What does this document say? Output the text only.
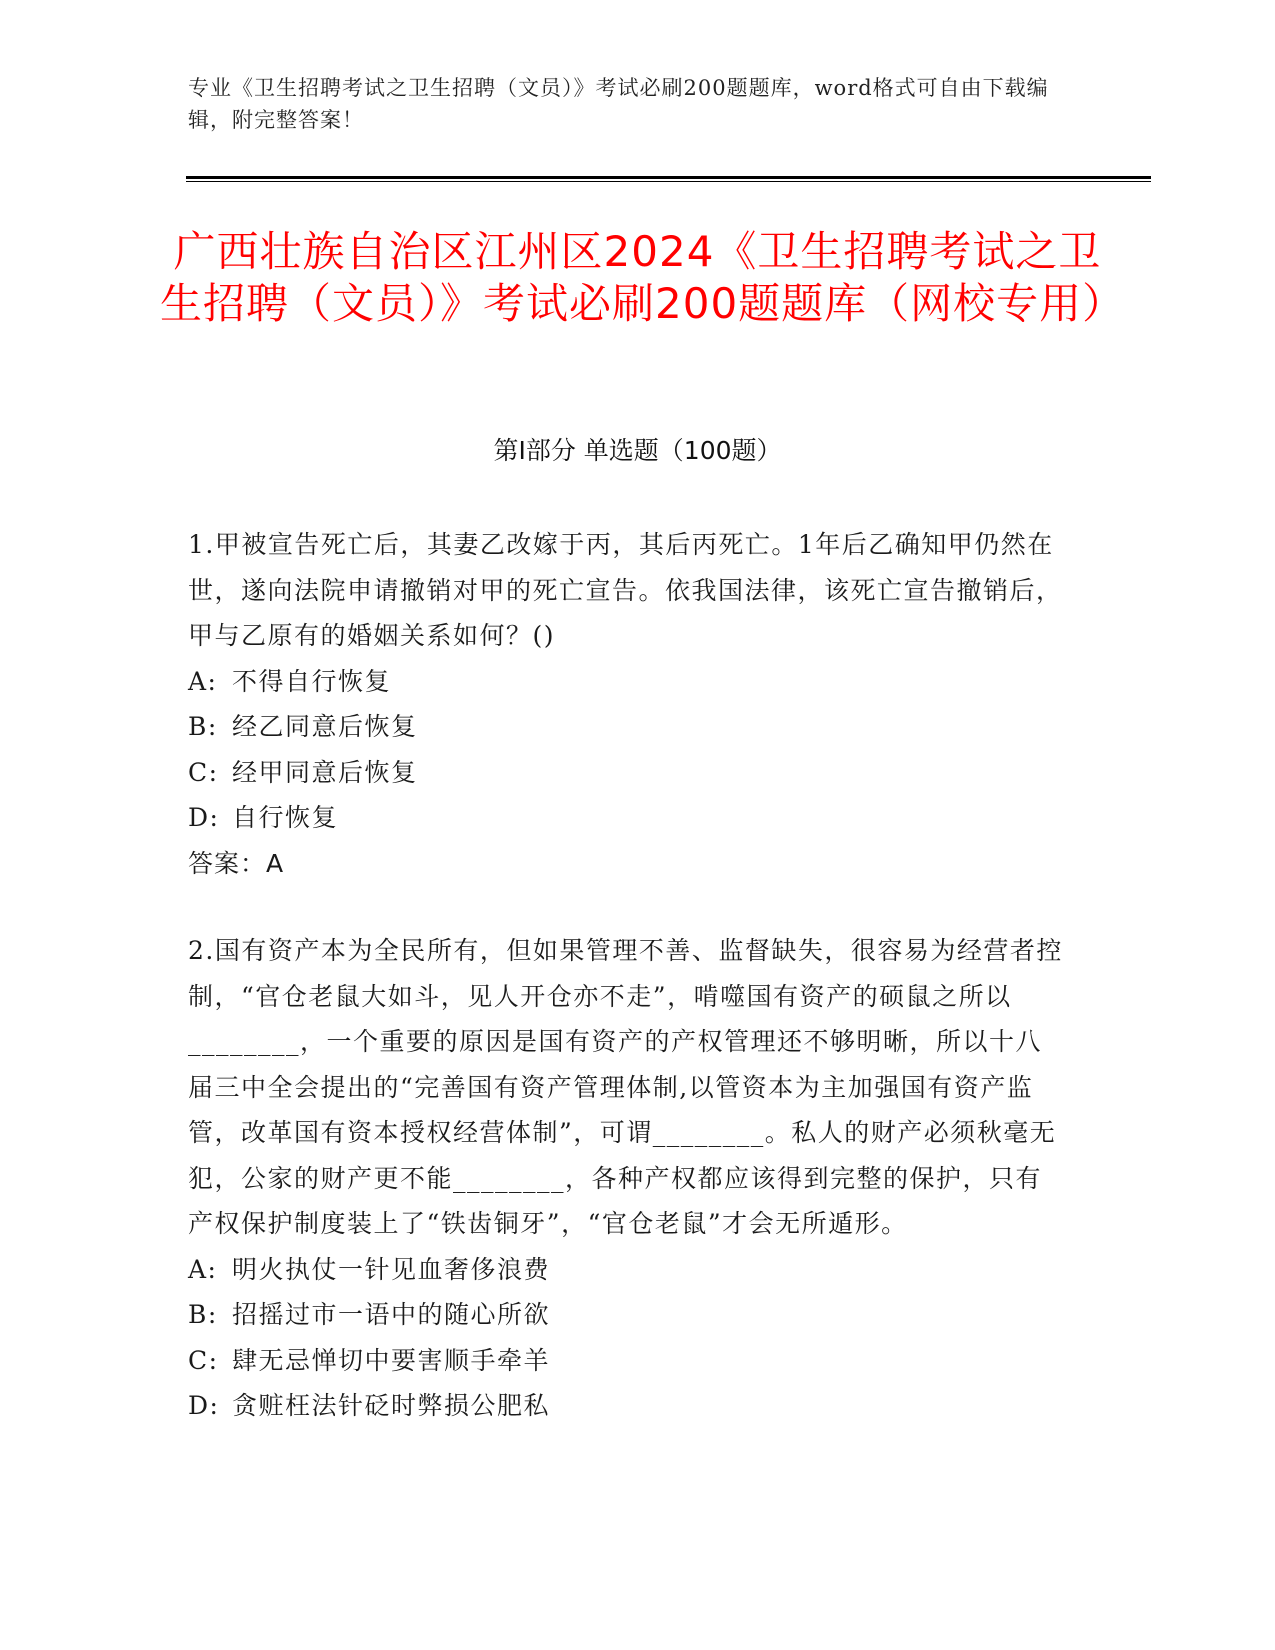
专业《卫生招聘考试之卫生招聘（文员）》考试必刷200题题库，word格式可自由下载编辑，附完整答案！
广西壮族自治区江州区2024《卫生招聘考试之卫生招聘（文员）》考试必刷200题题库（网校专用）
第Ⅰ部分 单选题（100题）
1.甲被宣告死亡后，其妻乙改嫁于丙，其后丙死亡。1年后乙确知甲仍然在世，遂向法院申请撤销对甲的死亡宣告。依我国法律，该死亡宣告撤销后，甲与乙原有的婚姻关系如何？()
A: 不得自行恢复
B: 经乙同意后恢复
C: 经甲同意后恢复
D: 自行恢复
答案：A
2.国有资产本为全民所有，但如果管理不善、监督缺失，很容易为经营者控制，“官仓老鼠大如斗，见人开仓亦不走”，啃噬国有资产的硕鼠之所以________，一个重要的原因是国有资产的产权管理还不够明晰，所以十八届三中全会提出的“完善国有资产管理体制,以管资本为主加强国有资产监管，改革国有资本授权经营体制”，可谓________。私人的财产必须秋毫无犯，公家的财产更不能________，各种产权都应该得到完整的保护，只有产权保护制度装上了“铁齿铜牙”，“官仓老鼠”才会无所遁形。
A: 明火执仗一针见血奢侈浪费
B: 招摇过市一语中的随心所欲
C: 肆无忌惮切中要害顺手牵羊
D: 贪赃枉法针砭时弊损公肥私
